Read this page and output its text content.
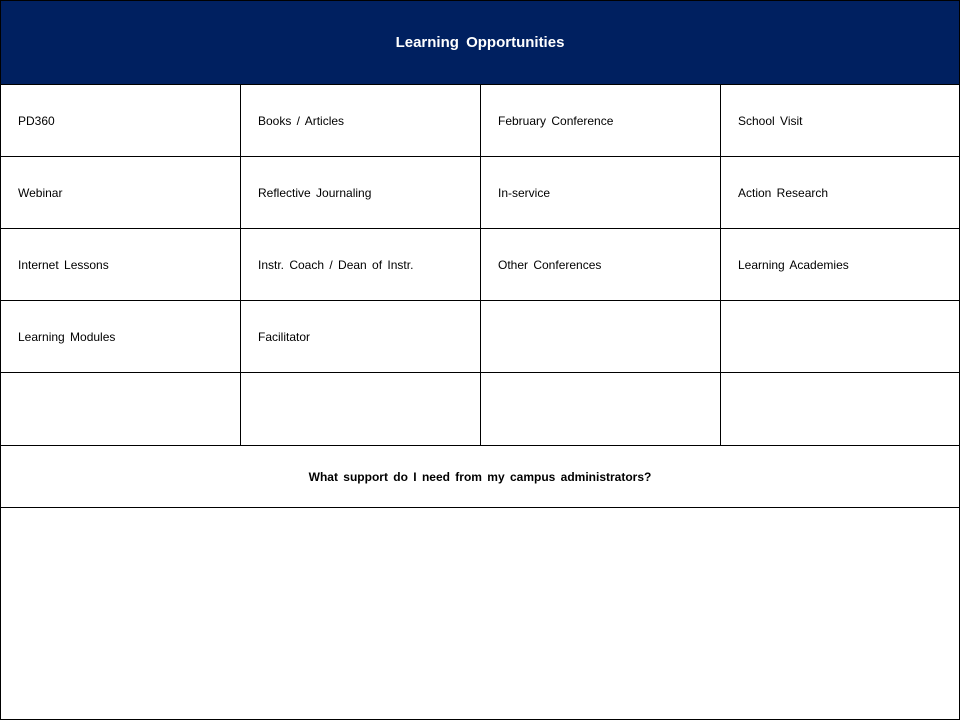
Learning Opportunities
PD360	Books / Articles	February Conference	School Visit
Webinar	Reflective Journaling	In-service	Action Research
Internet Lessons	Instr. Coach / Dean of Instr.	Other Conferences	Learning Academies
Learning Modules	Facilitator
What support do I need from my campus administrators?
